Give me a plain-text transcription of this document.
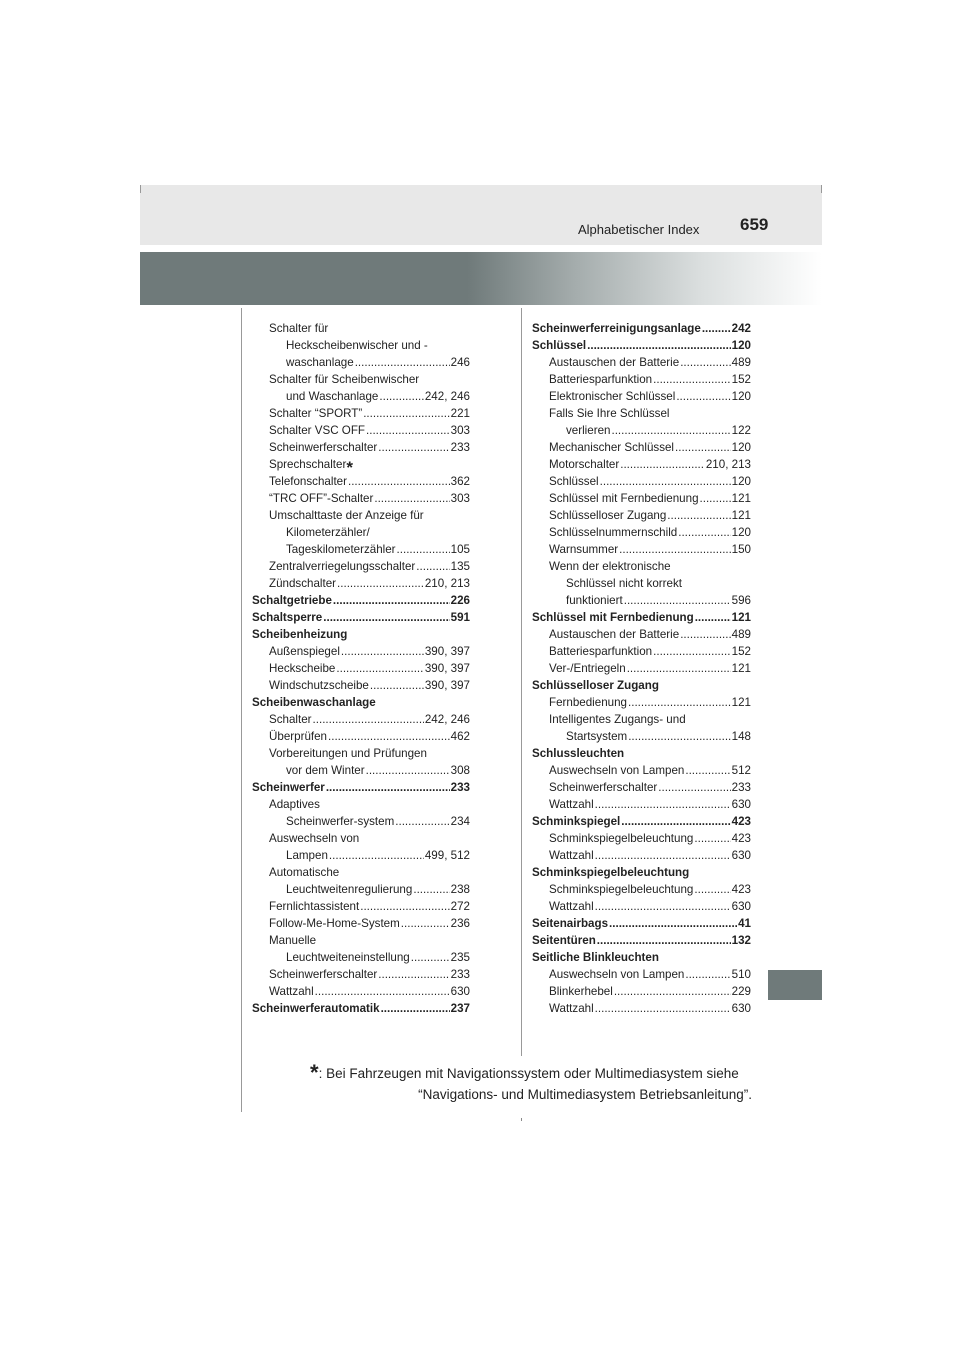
Alphabetischer Index 659
Schalter für
Heckscheibenwischer und -
waschanlage .....	246
Schalter für Scheibenwischer
und Waschanlage .....	242, 246
Schalter “SPORT” .....	221
Schalter VSC OFF .....	303
Scheinwerferschalter .....	233
Sprechschalter *
Telefonschalter .....	362
“TRC OFF”-Schalter .....	303
Umschalttaste der Anzeige für
Kilometerzähler/
Tageskilometerzähler .....	105
Zentralverriegelungsschalter .....	135
Zündschalter .....	210, 213
Schaltgetriebe .....	226
Schaltsperre .....	591
Scheibenheizung
Außenspiegel .....	390, 397
Heckscheibe .....	390, 397
Windschutzscheibe .....	390, 397
Scheibenwaschanlage
Schalter .....	242, 246
Überprüfen .....	462
Vorbereitungen und Prüfungen
vor dem Winter .....	308
Scheinwerfer .....	233
Adaptives
Scheinwerfer-system .....	234
Auswechseln von
Lampen .....	499, 512
Automatische
Leuchtweitenregulierung .....	238
Fernlichtassistent .....	272
Follow-Me-Home-System .....	236
Manuelle
Leuchtweiteneinstellung .....	235
Scheinwerferschalter .....	233
Wattzahl .....	630
Scheinwerferautomatik .....	237
Scheinwerferreinigungsanlage .....	242
Schlüssel .....	120
Austauschen der Batterie .....	489
Batteriesparfunktion .....	152
Elektronischer Schlüssel .....	120
Falls Sie Ihre Schlüssel
verlieren .....	122
Mechanischer Schlüssel .....	120
Motorschalter .....	210, 213
Schlüssel .....	120
Schlüssel mit Fernbedienung .....	121
Schlüsselloser Zugang .....	121
Schlüsselnummernschild .....	120
Warnsummer .....	150
Wenn der elektronische
Schlüssel nicht korrekt
funktioniert .....	596
Schlüssel mit Fernbedienung .....	121
Austauschen der Batterie .....	489
Batteriesparfunktion .....	152
Ver-/Entriegeln .....	121
Schlüsselloser Zugang
Fernbedienung .....	121
Intelligentes Zugangs- und
Startsystem .....	148
Schlussleuchten
Auswechseln von Lampen .....	512
Scheinwerferschalter .....	233
Wattzahl .....	630
Schminkspiegel .....	423
Schminkspiegelbeleuchtung .....	423
Wattzahl .....	630
Schminkspiegelbeleuchtung
Schminkspiegelbeleuchtung .....	423
Wattzahl .....	630
Seitenairbags .....	41
Seitentüren .....	132
Seitliche Blinkleuchten
Auswechseln von Lampen .....	510
Blinkerhebel .....	229
Wattzahl .....	630
*: Bei Fahrzeugen mit Navigationssystem oder Multimediasystem siehe
“Navigations- und Multimediasystem Betriebsanleitung”.
